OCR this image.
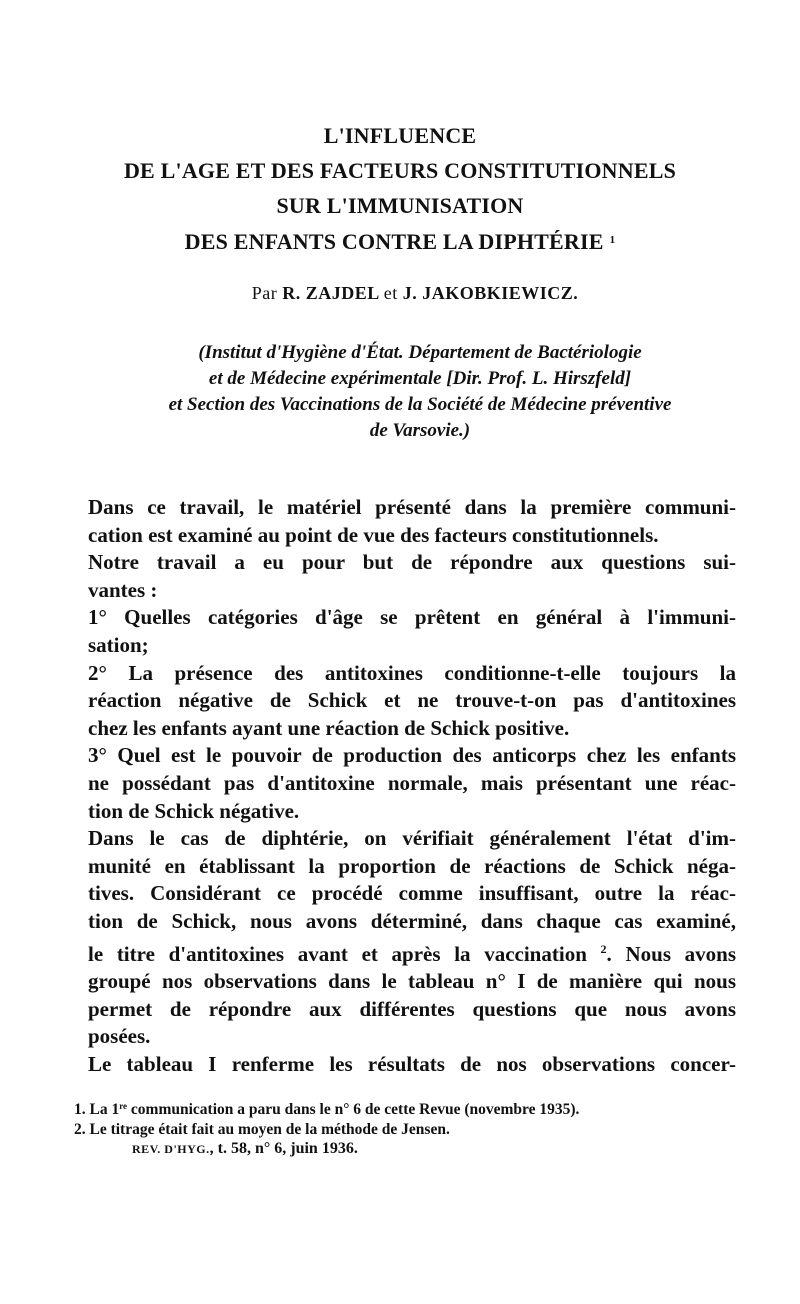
L'INFLUENCE
DE L'AGE ET DES FACTEURS CONSTITUTIONNELS
SUR L'IMMUNISATION
DES ENFANTS CONTRE LA DIPHTÉRIE $^1$
Par R. ZAJDEL et J. JAKOBKIEWICZ.
(Institut d'Hygiène d'État. Département de Bactériologie
et de Médecine expérimentale [Dir. Prof. L. Hirszfeld]
et Section des Vaccinations de la Société de Médecine préventive
de Varsovie.)

Dans ce travail, le matériel présenté dans la première communi-
cation est examiné au point de vue des facteurs constitutionnels.

Notre travail a eu pour but de répondre aux questions sui-
vantes :

1° Quelles catégories d'âge se prêtent en général à l'immuni-
sation;

2° La présence des antitoxines conditionne-t-elle toujours la
réaction négative de Schick et ne trouve-t-on pas d'antitoxines
chez les enfants ayant une réaction de Schick positive.

3° Quel est le pouvoir de production des anticorps chez les enfants
ne possédant pas d'antitoxine normale, mais présentant une réac-
tion de Schick négative.

Dans le cas de diphtérie, on vérifiait généralement l'état d'im-
munité en établissant la proportion de réactions de Schick néga-
tives. Considérant ce procédé comme insuffisant, outre la réac-
tion de Schick, nous avons déterminé, dans chaque cas examiné,
le titre d'antitoxines avant et après la vaccination $^2$. Nous avons
groupé nos observations dans le tableau n° I de manière qui nous
permet de répondre aux différentes questions que nous avons
posées.

Le tableau I renferme les résultats de nos observations concer-

1. La 1re communication a paru dans le n° 6 de cette Revue (novembre 1935).
2. Le titrage était fait au moyen de la méthode de Jensen.
REV. D'HYG., t. 58, n° 6, juin 1936.
